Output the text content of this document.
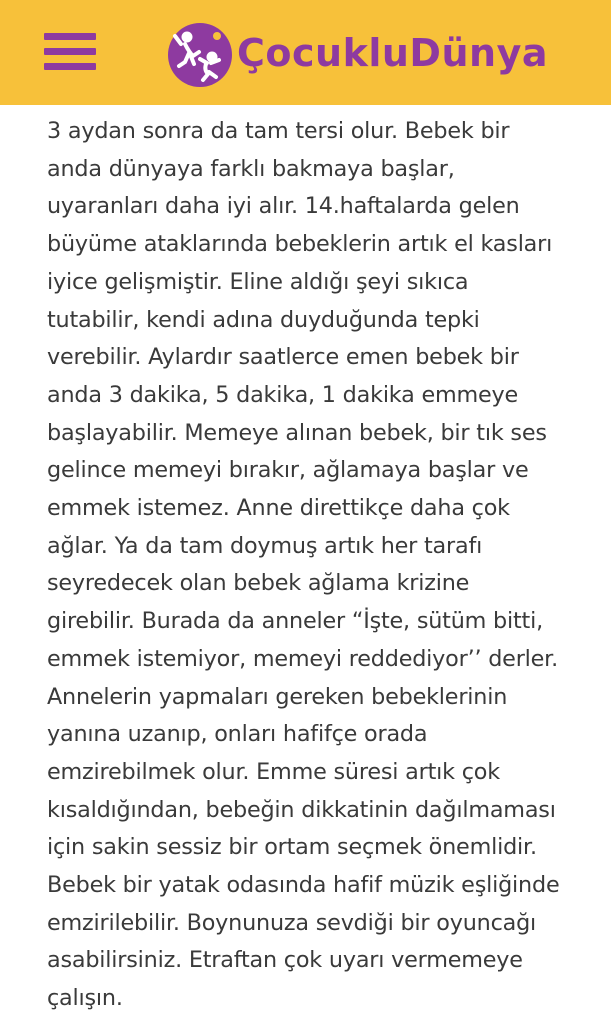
ÇocukluDünya
3 aydan sonra da tam tersi olur. Bebek bir
anda dünyaya farklı bakmaya başlar,
uyaranları daha iyi alır. 14.haftalarda gelen
büyüme ataklarında bebeklerin artık el kasları
iyice gelişmiştir. Eline aldığı şeyi sıkıca
tutabilir, kendi adına duyduğunda tepki
verebilir. Aylardır saatlerce emen bebek bir
anda 3 dakika, 5 dakika, 1 dakika emmeye
başlayabilir. Memeye alınan bebek, bir tık ses
gelince memeyi bırakır, ağlamaya başlar ve
emmek istemez. Anne direttikçe daha çok
ağlar. Ya da tam doymuş artık her tarafı
seyredecek olan bebek ağlama krizine
girebilir. Burada da anneler “İşte, sütüm bitti,
emmek istemiyor, memeyi reddediyor’’ derler.
Annelerin yapmaları gereken bebeklerinin
yanına uzanıp, onları hafifçe orada
emzirebilmek olur. Emme süresi artık çok
kısaldığından, bebeğin dikkatinin dağılmaması
için sakin sessiz bir ortam seçmek önemlidir.
Bebek bir yatak odasında hafif müzik eşliğinde
emzirilebilir. Boynunuza sevdiği bir oyuncağı
asabilirsiniz. Etraftan çok uyarı vermemeye
çalışın.
